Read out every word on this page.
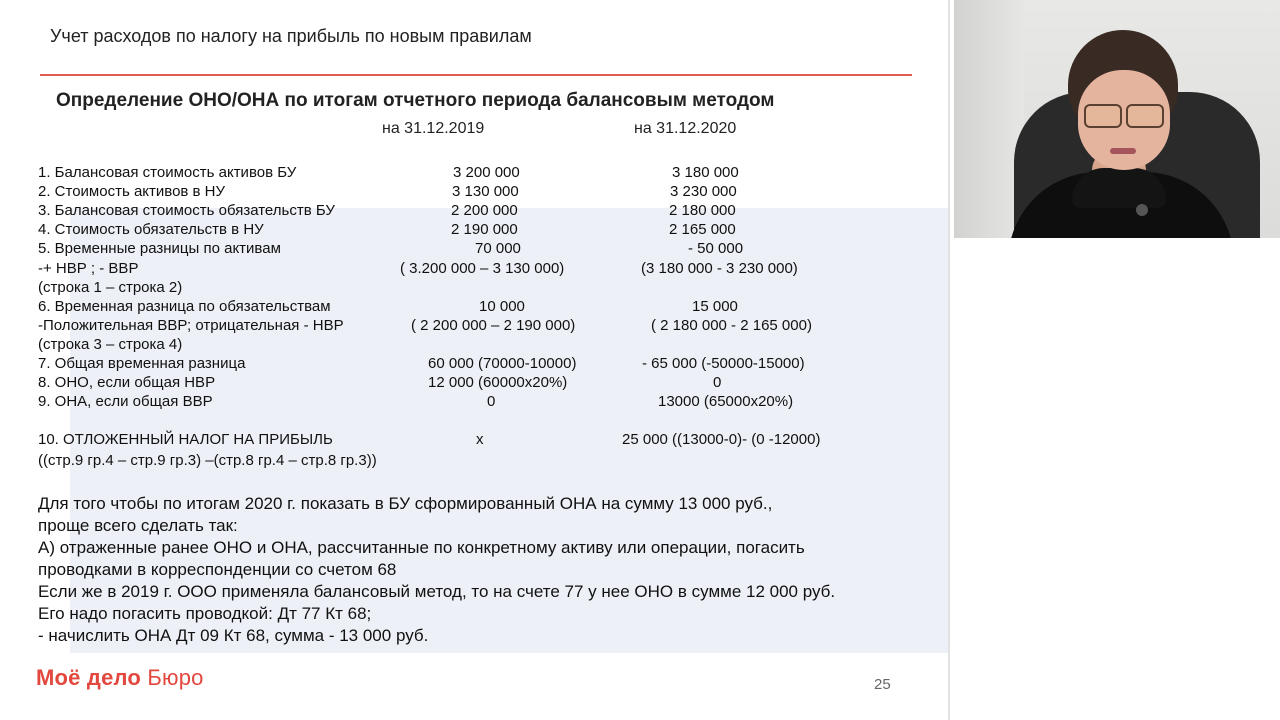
Учет расходов по налогу на прибыль по новым правилам
Определение ОНО/ОНА по итогам отчетного периода балансовым методом
на 31.12.2019	на 31.12.2020
1. Балансовая стоимость активов БУ	3 200 000	3 180 000
2. Стоимость активов в НУ	3 130 000	3 230 000
3. Балансовая стоимость обязательств БУ	2 200 000	2 180 000
4. Стоимость обязательств в НУ	2 190 000	2 165 000
5. Временные разницы по активам	70 000	- 50 000
-+ НВР ; - ВВР	( 3.200 000 – 3 130 000)	(3 180 000 - 3 230 000)
(строка 1 – строка 2)
6. Временная разница по обязательствам	10 000	15 000
-Положительная ВВР; отрицательная - НВР	( 2 200 000 – 2 190 000)	( 2 180 000 - 2 165 000)
(строка 3 – строка 4)
7. Общая временная разница	60 000 (70000-10000)	- 65 000 (-50000-15000)
8. ОНО, если общая НВР	12 000 (60000х20%)	0
9. ОНА, если общая ВВР	0	13000 (65000х20%)
10. ОТЛОЖЕННЫЙ НАЛОГ НА ПРИБЫЛЬ	х	25 000 ((13000-0)- (0 -12000)
((стр.9 гр.4 – стр.9 гр.3) –(стр.8 гр.4 – стр.8 гр.3))
Для того чтобы по итогам 2020 г. показать в БУ сформированный ОНА на сумму 13 000 руб.,
проще всего сделать так:
А) отраженные ранее ОНО и ОНА, рассчитанные по конкретному активу или операции, погасить
проводками в корреспонденции со счетом 68
Если же в 2019 г. ООО применяла балансовый метод, то на счете 77 у нее ОНО в сумме 12 000 руб.
Его надо погасить проводкой: Дт 77 Кт 68;
- начислить ОНА Дт 09 Кт 68, сумма - 13 000 руб.
Моё дело Бюро	25
